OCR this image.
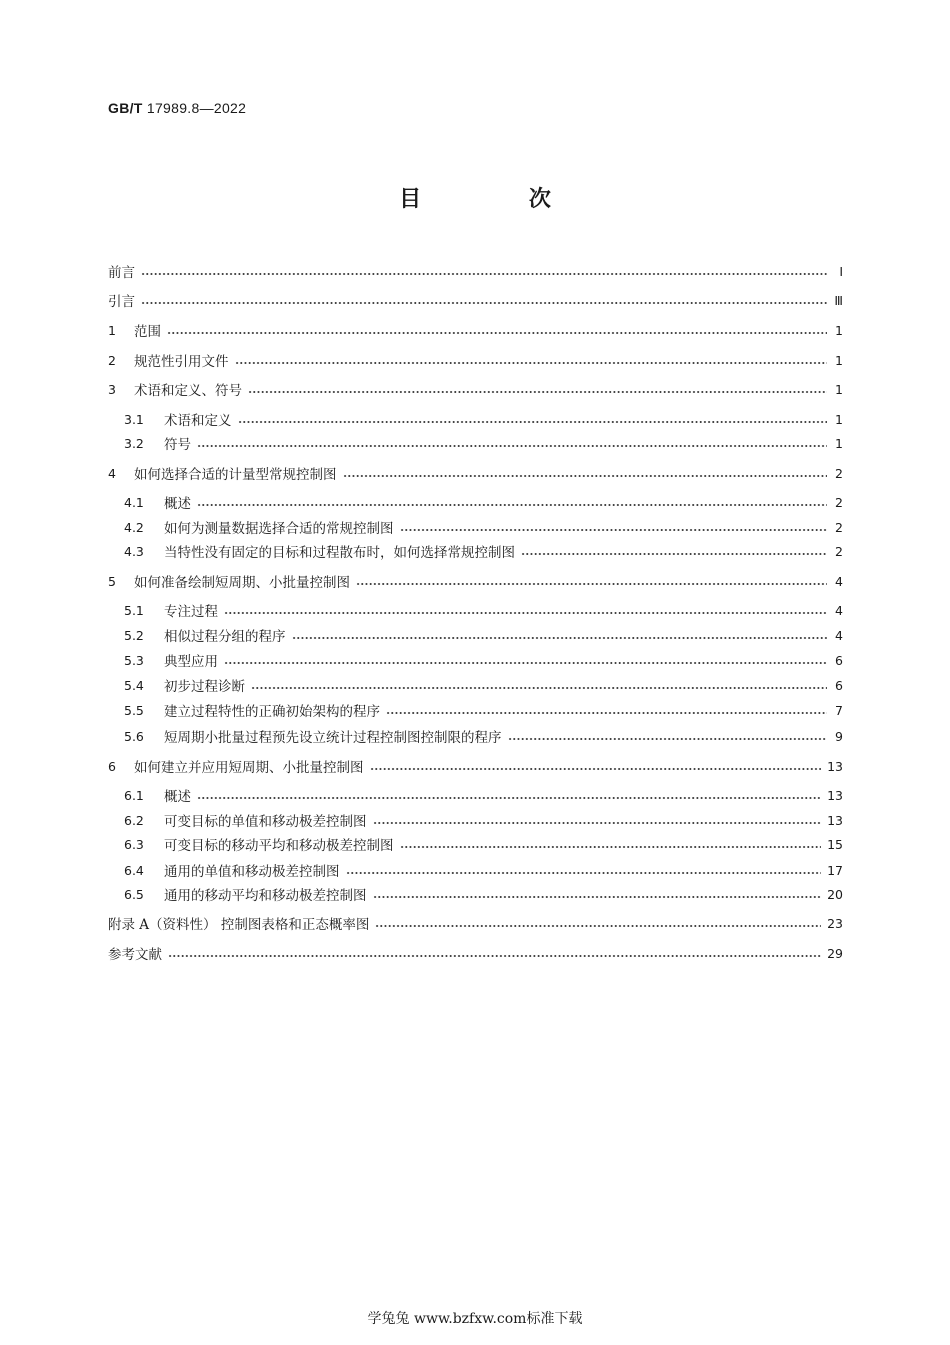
GB/T 17989.8—2022
目 次
前言	Ⅰ
引言	Ⅲ
1	范围	1
2	规范性引用文件	1
3	术语和定义、符号	1
3.1	术语和定义	1
3.2	符号	1
4	如何选择合适的计量型常规控制图	2
4.1	概述	2
4.2	如何为测量数据选择合适的常规控制图	2
4.3	当特性没有固定的目标和过程散布时，如何选择常规控制图	2
5	如何准备绘制短周期、小批量控制图	4
5.1	专注过程	4
5.2	相似过程分组的程序	4
5.3	典型应用	6
5.4	初步过程诊断	6
5.5	建立过程特性的正确初始架构的程序	7
5.6	短周期小批量过程预先设立统计过程控制图控制限的程序	9
6	如何建立并应用短周期、小批量控制图	13
6.1	概述	13
6.2	可变目标的单值和移动极差控制图	13
6.3	可变目标的移动平均和移动极差控制图	15
6.4	通用的单值和移动极差控制图	17
6.5	通用的移动平均和移动极差控制图	20
附录 A（资料性） 控制图表格和正态概率图	23
参考文献	29
学兔兔 www.bzfxw.com标准下载
